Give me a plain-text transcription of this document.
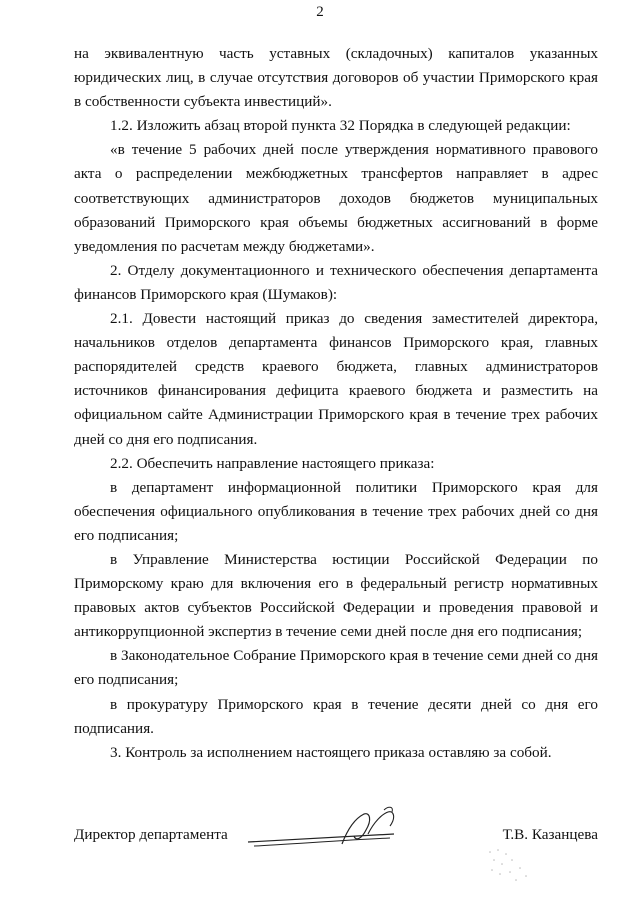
2

на эквивалентную часть уставных (складочных) капиталов указанных юридических лиц, в случае отсутствия договоров об участии Приморского края в собственности субъекта инвестиций».

1.2. Изложить абзац второй пункта 32 Порядка в следующей редакции:

«в течение 5 рабочих дней после утверждения нормативного правового акта о распределении межбюджетных трансфертов направляет в адрес соответствующих администраторов доходов бюджетов муниципальных образований Приморского края объемы бюджетных ассигнований в форме уведомления по расчетам между бюджетами».

2. Отделу документационного и технического обеспечения департамента финансов Приморского края (Шумаков):

2.1. Довести настоящий приказ до сведения заместителей директора, начальников отделов департамента финансов Приморского края, главных распорядителей средств краевого бюджета, главных администраторов источников финансирования дефицита краевого бюджета и разместить на официальном сайте Администрации Приморского края в течение трех рабочих дней со дня его подписания.

2.2. Обеспечить направление настоящего приказа:

в департамент информационной политики Приморского края для обеспечения официального опубликования в течение трех рабочих дней со дня его подписания;

в Управление Министерства юстиции Российской Федерации по Приморскому краю для включения его в федеральный регистр нормативных правовых актов субъектов Российской Федерации и проведения правовой и антикоррупционной экспертиз в течение семи дней после дня его подписания;

в Законодательное Собрание Приморского края в течение семи дней со дня его подписания;

в прокуратуру Приморского края в течение десяти дней со дня его подписания.

3. Контроль за исполнением настоящего приказа оставляю за собой.

Директор департамента	Т.В. Казанцева
